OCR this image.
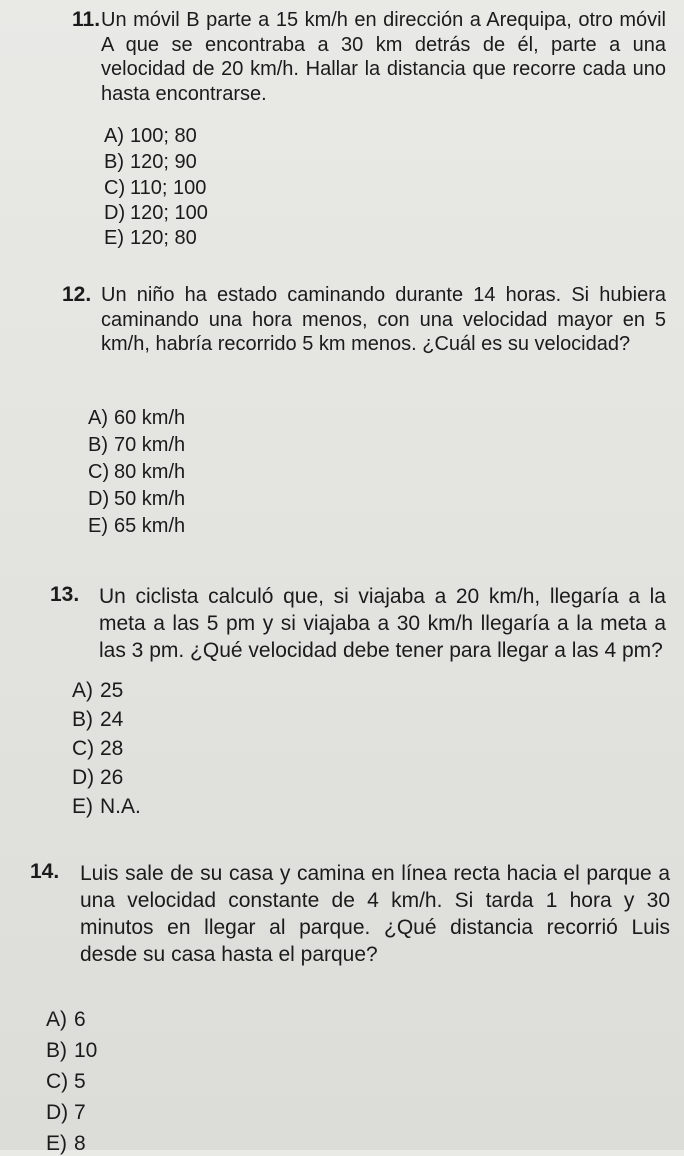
11. Un móvil B parte a 15 km/h en dirección a Arequipa, otro móvil A que se encontraba a 30 km detrás de él, parte a una velocidad de 20 km/h. Hallar la distancia que recorre cada uno hasta encontrarse.
A) 100; 80
B) 120; 90
C) 110; 100
D) 120; 100
E) 120; 80
12. Un niño ha estado caminando durante 14 horas. Si hubiera caminando una hora menos, con una velocidad mayor en 5 km/h, habría recorrido 5 km menos. ¿Cuál es su velocidad?
A) 60 km/h
B) 70 km/h
C) 80 km/h
D) 50 km/h
E) 65 km/h
13. Un ciclista calculó que, si viajaba a 20 km/h, llegaría a la meta a las 5 pm y si viajaba a 30 km/h llegaría a la meta a las 3 pm. ¿Qué velocidad debe tener para llegar a las 4 pm?
A) 25
B) 24
C) 28
D) 26
E) N.A.
14. Luis sale de su casa y camina en línea recta hacia el parque a una velocidad constante de 4 km/h. Si tarda 1 hora y 30 minutos en llegar al parque. ¿Qué distancia recorrió Luis desde su casa hasta el parque?
A) 6
B) 10
C) 5
D) 7
E) 8
